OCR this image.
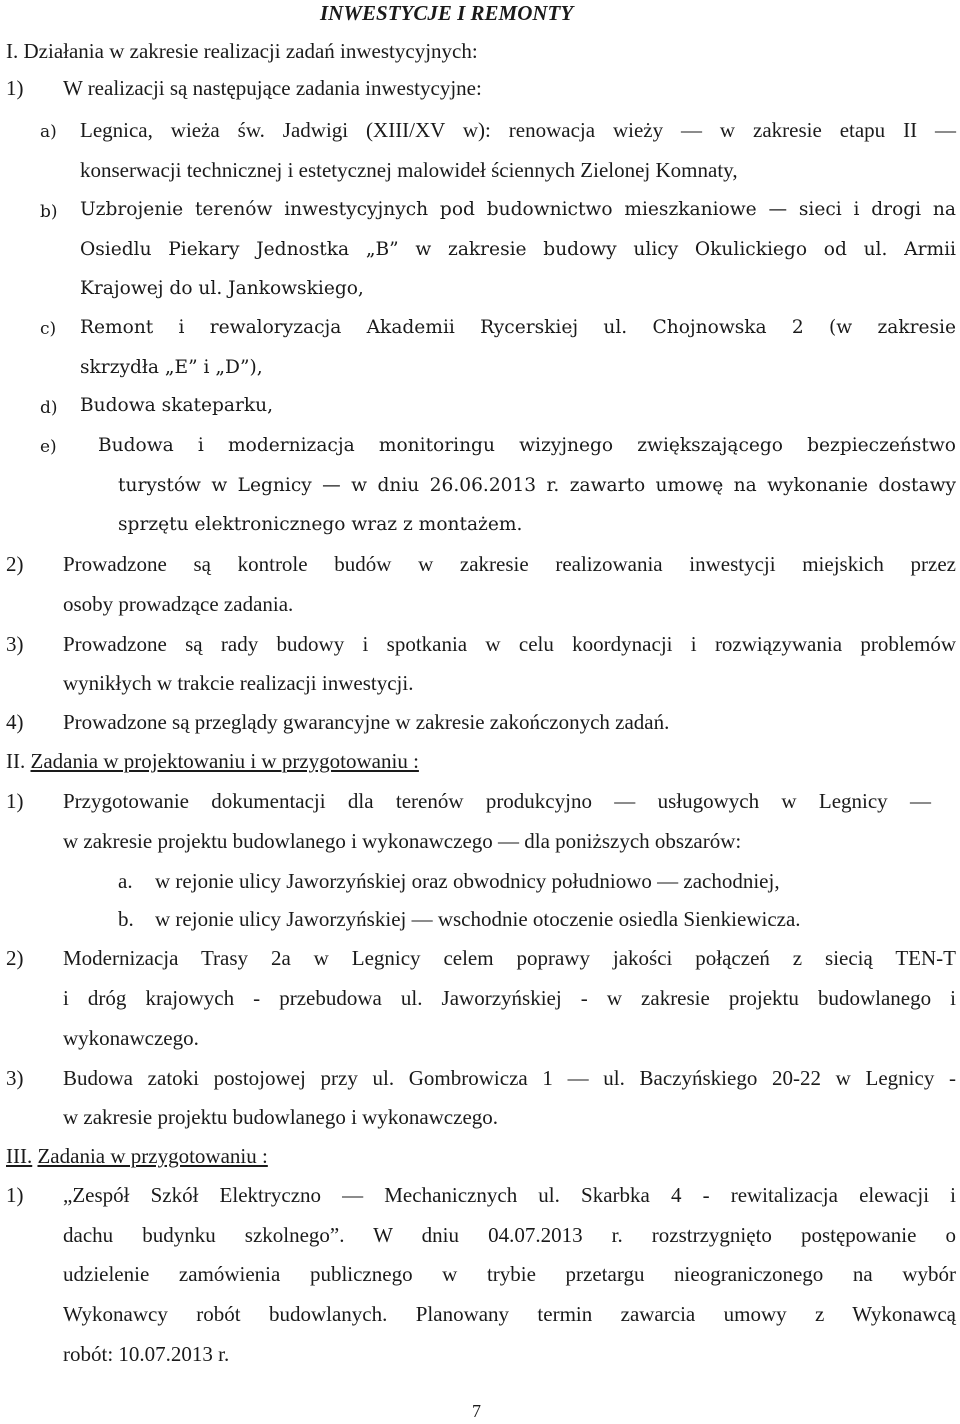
INWESTYCJE I REMONTY
I. Działania w zakresie realizacji zadań inwestycyjnych:
1) W realizacji są następujące zadania inwestycyjne:
a) Legnica, wieża św. Jadwigi (XIII/XV w): renowacja wieży — w zakresie etapu II —
konserwacji technicznej i estetycznej malowideł ściennych Zielonej Komnaty,
b) Uzbrojenie terenów inwestycyjnych pod budownictwo mieszkaniowe — sieci i drogi na
Osiedlu Piekary Jednostka „B” w zakresie budowy ulicy Okulickiego od ul. Armii
Krajowej do ul. Jankowskiego,
c) Remont i rewaloryzacja Akademii Rycerskiej ul. Chojnowska 2 (w zakresie
skrzydła „E” i „D”),
d) Budowa skateparku,
e) Budowa i modernizacja monitoringu wizyjnego zwiększającego bezpieczeństwo
turystów w Legnicy — w dniu 26.06.2013 r. zawarto umowę na wykonanie dostawy
sprzętu elektronicznego wraz z montażem.
2) Prowadzone są kontrole budów w zakresie realizowania inwestycji miejskich przez
osoby prowadzące zadania.
3) Prowadzone są rady budowy i spotkania w celu koordynacji i rozwiązywania problemów
wynikłych w trakcie realizacji inwestycji.
4) Prowadzone są przeglądy gwarancyjne w zakresie zakończonych zadań.
II. Zadania w projektowaniu i w przygotowaniu :
1) Przygotowanie dokumentacji dla terenów produkcyjno — usługowych w Legnicy —
w zakresie projektu budowlanego i wykonawczego — dla poniższych obszarów:
a. w rejonie ulicy Jaworzyńskiej oraz obwodnicy południowo — zachodniej,
b. w rejonie ulicy Jaworzyńskiej — wschodnie otoczenie osiedla Sienkiewicza.
2) Modernizacja Trasy 2a w Legnicy celem poprawy jakości połączeń z siecią TEN-T
i dróg krajowych - przebudowa ul. Jaworzyńskiej - w zakresie projektu budowlanego i
wykonawczego.
3) Budowa zatoki postojowej przy ul. Gombrowicza 1 — ul. Baczyńskiego 20-22 w Legnicy -
w zakresie projektu budowlanego i wykonawczego.
III. Zadania w przygotowaniu :
1) „Zespół Szkół Elektryczno — Mechanicznych ul. Skarbka 4 - rewitalizacja elewacji i
dachu budynku szkolnego”. W dniu 04.07.2013 r. rozstrzygnięto postępowanie o
udzielenie zamówienia publicznego w trybie przetargu nieograniczonego na wybór
Wykonawcy robót budowlanych. Planowany termin zawarcia umowy z Wykonawcą
robót: 10.07.2013 r.
7
